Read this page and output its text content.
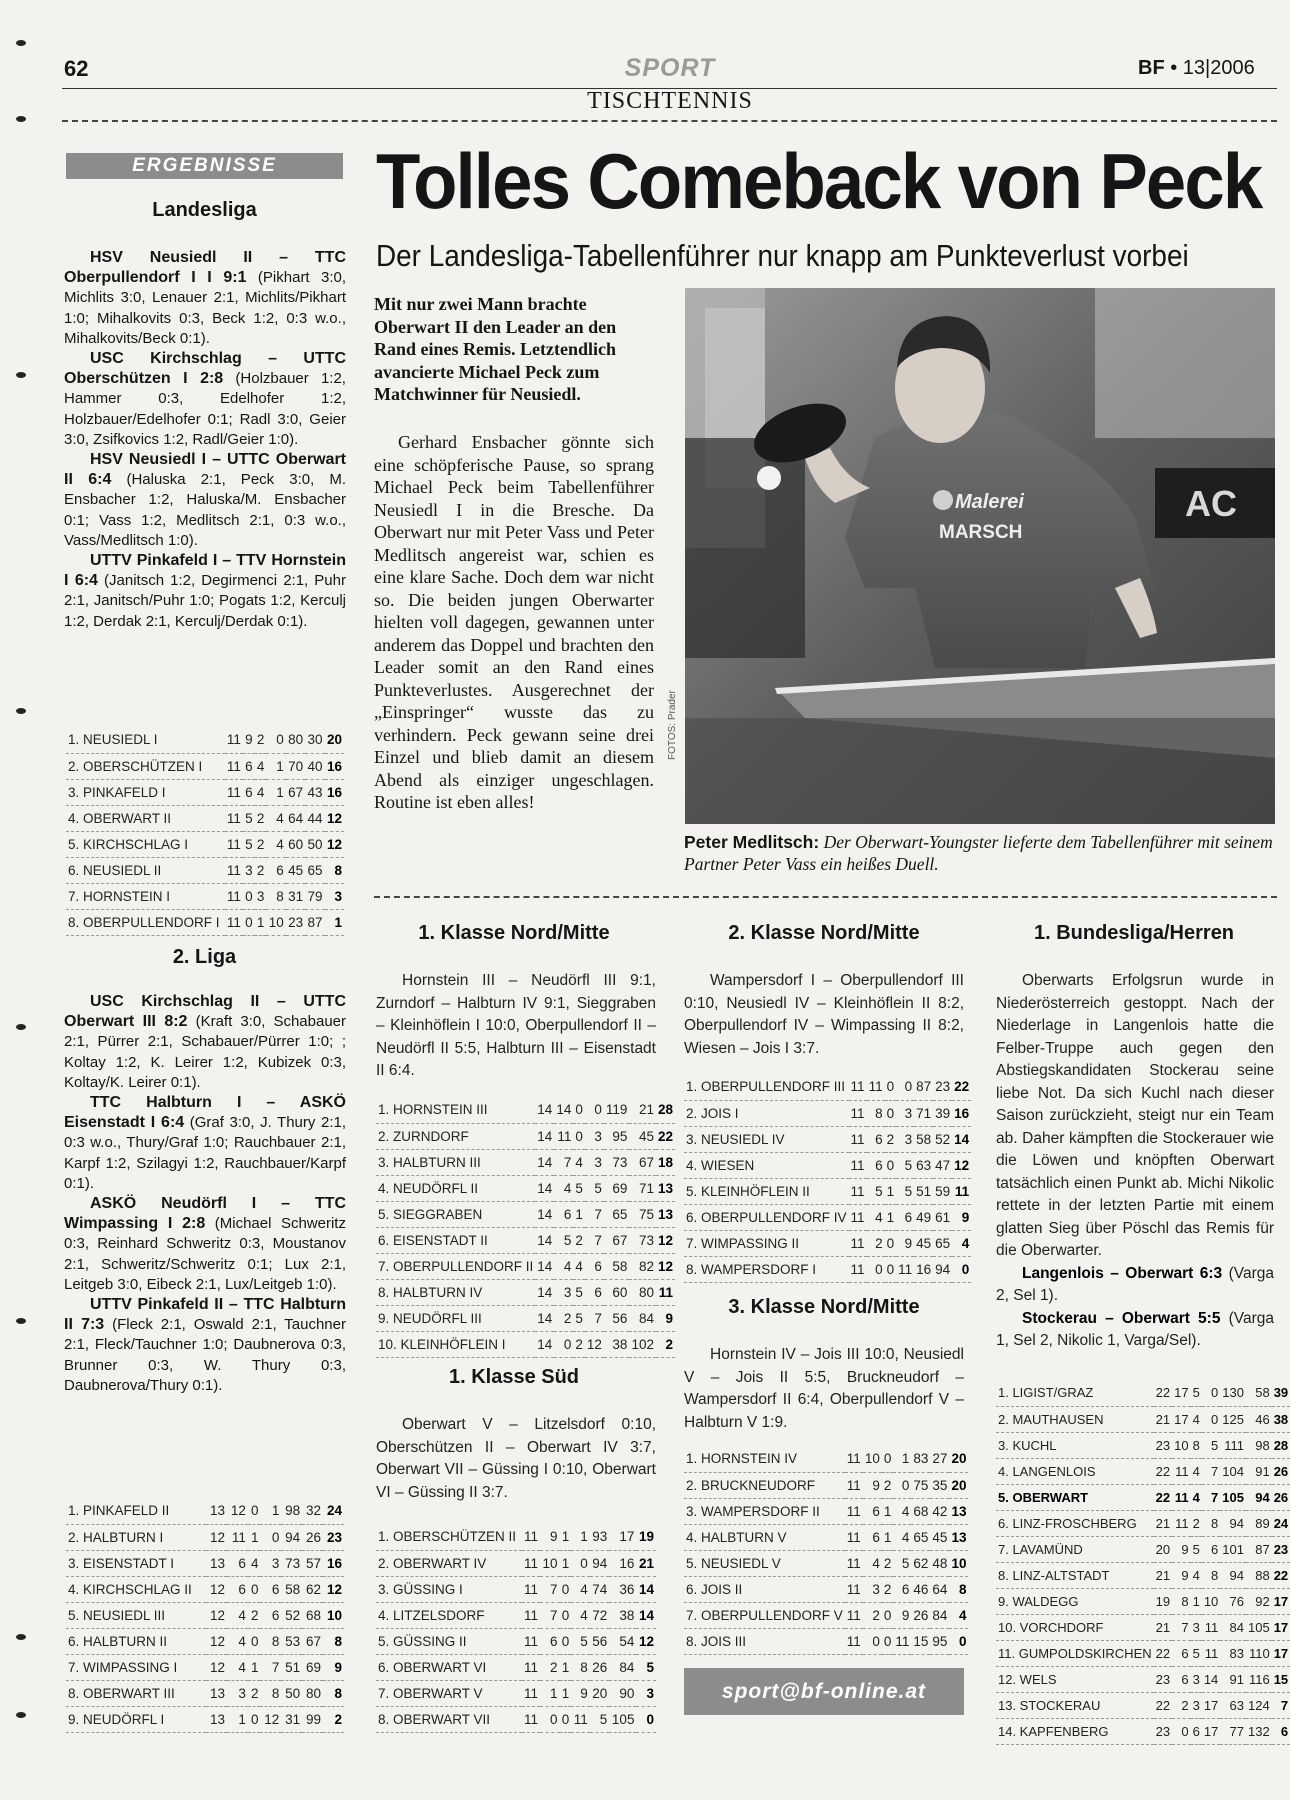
62	SPORT	BF • 13|2006
TISCHTENNIS
ERGEBNISSE
Landesliga

HSV Neusiedl II – TTC Oberpullendorf I I 9:1 (Pikhart 3:0, Michlits 3:0, Lenauer 2:1, Michlits/Pikhart 1:0; Mihalkovits 0:3, Beck 1:2, 0:3 w.o., Mihalkovits/Beck 0:1).

USC Kirchschlag – UTTC Oberschützen I 2:8 (Holzbauer 1:2, Hammer 0:3, Edelhofer 1:2, Holzbauer/Edelhofer 0:1; Radl 3:0, Geier 3:0, Zsifkovics 1:2, Radl/Geier 1:0).

HSV Neusiedl I – UTTC Oberwart II 6:4 (Haluska 2:1, Peck 3:0, M. Ensbacher 1:2, Haluska/M. Ensbacher 0:1; Vass 1:2, Medlitsch 2:1, 0:3 w.o., Vass/Medlitsch 1:0).

UTTV Pinkafeld I – TTV Hornstein I 6:4 (Janitsch 1:2, Degirmenci 2:1, Puhr 2:1, Janitsch/Puhr 1:0; Pogats 1:2, Kerculj 1:2, Derdak 2:1, Kerculj/Derdak 0:1).

1. NEUSIEDL I	11	9	2	0	80	30	20
2. OBERSCHÜTZEN I	11	6	4	1	70	40	16
3. PINKAFELD I	11	6	4	1	67	43	16
4. OBERWART II	11	5	2	4	64	44	12
5. KIRCHSCHLAG I	11	5	2	4	60	50	12
6. NEUSIEDL II	11	3	2	6	45	65	8
7. HORNSTEIN I	11	0	3	8	31	79	3
8. OBERPULLENDORF I	11	0	1	10	23	87	1
2. Liga

USC Kirchschlag II – UTTC Oberwart III 8:2 (Kraft 3:0, Schabauer 2:1, Pürrer 2:1, Schabauer/Pürrer 1:0; ; Koltay 1:2, K. Leirer 1:2, Kubizek 0:3, Koltay/K. Leirer 0:1).

TTC Halbturn I – ASKÖ Eisenstadt I 6:4 (Graf 3:0, J. Thury 2:1, 0:3 w.o., Thury/Graf 1:0; Rauchbauer 2:1, Karpf 1:2, Szilagyi 1:2, Rauchbauer/Karpf 0:1).

ASKÖ Neudörfl I – TTC Wimpassing I 2:8 (Michael Schweritz 0:3, Reinhard Schweritz 0:3, Moustanov 2:1, Schweritz/Schweritz 0:1; Lux 2:1, Leitgeb 3:0, Eibeck 2:1, Lux/Leitgeb 1:0).

UTTV Pinkafeld II – TTC Halbturn II 7:3 (Fleck 2:1, Oswald 2:1, Tauchner 2:1, Fleck/Tauchner 1:0; Daubnerova 0:3, Brunner 0:3, W. Thury 0:3, Daubnerova/Thury 0:1).

1. PINKAFELD II	13	12	0	1	98	32	24
2. HALBTURN I	12	11	1	0	94	26	23
3. EISENSTADT I	13	6	4	3	73	57	16
4. KIRCHSCHLAG II	12	6	0	6	58	62	12
5. NEUSIEDL III	12	4	2	6	52	68	10
6. HALBTURN II	12	4	0	8	53	67	8
7. WIMPASSING I	12	4	1	7	51	69	9
8. OBERWART III	13	3	2	8	50	80	8
9. NEUDÖRFL I	13	1	0	12	31	99	2
Tolles Comeback von Peck
Der Landesliga-Tabellenführer nur knapp am Punkteverlust vorbei
Mit nur zwei Mann brachte Oberwart II den Leader an den Rand eines Remis. Letztendlich avancierte Michael Peck zum Matchwinner für Neusiedl.

Gerhard Ensbacher gönnte sich eine schöpferische Pause, so sprang Michael Peck beim Tabellenführer Neusiedl I in die Bresche. Da Oberwart nur mit Peter Vass und Peter Medlitsch angereist war, schien es eine klare Sache. Doch dem war nicht so. Die beiden jungen Oberwarter hielten voll dagegen, gewannen unter anderem das Doppel und brachten den Leader somit an den Rand eines Punkteverlustes. Ausgerechnet der „Einspringer“ wusste das zu verhindern. Peck gewann seine drei Einzel und blieb damit an diesem Abend als einziger ungeschlagen. Routine ist eben alles!

AC
Malerei
MARSCH
FOTOS: Prader
Peter Medlitsch: Der Oberwart-Youngster lieferte dem Tabellenführer mit seinem Partner Peter Vass ein heißes Duell.
1. Klasse Nord/Mitte

Hornstein III – Neudörfl III 9:1, Zurndorf – Halbturn IV 9:1, Sieggraben – Kleinhöflein I 10:0, Oberpullendorf II – Neudörfl II 5:5, Halbturn III – Eisenstadt II 6:4.

1. HORNSTEIN III	14	14	0	0	119	21	28
2. ZURNDORF	14	11	0	3	95	45	22
3. HALBTURN III	14	7	4	3	73	67	18
4. NEUDÖRFL II	14	4	5	5	69	71	13
5. SIEGGRABEN	14	6	1	7	65	75	13
6. EISENSTADT II	14	5	2	7	67	73	12
7. OBERPULLENDORF II	14	4	4	6	58	82	12
8. HALBTURN IV	14	3	5	6	60	80	11
9. NEUDÖRFL III	14	2	5	7	56	84	9
10. KLEINHÖFLEIN I	14	0	2	12	38	102	2
1. Klasse Süd

Oberwart V – Litzelsdorf 0:10, Oberschützen II – Oberwart IV 3:7, Oberwart VII – Güssing I 0:10, Oberwart VI – Güssing II 3:7.

1. OBERSCHÜTZEN II	11	9	1	1	93	17	19
2. OBERWART IV	11	10	1	0	94	16	21
3. GÜSSING I	11	7	0	4	74	36	14
4. LITZELSDORF	11	7	0	4	72	38	14
5. GÜSSING II	11	6	0	5	56	54	12
6. OBERWART VI	11	2	1	8	26	84	5
7. OBERWART V	11	1	1	9	20	90	3
8. OBERWART VII	11	0	0	11	5	105	0
2. Klasse Nord/Mitte

Wampersdorf I – Oberpullendorf III 0:10, Neusiedl IV – Kleinhöflein II 8:2, Oberpullendorf IV – Wimpassing II 8:2, Wiesen – Jois I 3:7.

1. OBERPULLENDORF III	11	11	0	0	87	23	22
2. JOIS I	11	8	0	3	71	39	16
3. NEUSIEDL IV	11	6	2	3	58	52	14
4. WIESEN	11	6	0	5	63	47	12
5. KLEINHÖFLEIN II	11	5	1	5	51	59	11
6. OBERPULLENDORF IV	11	4	1	6	49	61	9
7. WIMPASSING II	11	2	0	9	45	65	4
8. WAMPERSDORF I	11	0	0	11	16	94	0
3. Klasse Nord/Mitte

Hornstein IV – Jois III 10:0, Neusiedl V – Jois II 5:5, Bruckneudorf – Wampersdorf II 6:4, Oberpullendorf V – Halbturn V 1:9.

1. HORNSTEIN IV	11	10	0	1	83	27	20
2. BRUCKNEUDORF	11	9	2	0	75	35	20
3. WAMPERSDORF II	11	6	1	4	68	42	13
4. HALBTURN V	11	6	1	4	65	45	13
5. NEUSIEDL V	11	4	2	5	62	48	10
6. JOIS II	11	3	2	6	46	64	8
7. OBERPULLENDORF V	11	2	0	9	26	84	4
8. JOIS III	11	0	0	11	15	95	0
sport@bf-online.at
1. Bundesliga/Herren

Oberwarts Erfolgsrun wurde in Niederösterreich gestoppt. Nach der Niederlage in Langenlois hatte die Felber-Truppe auch gegen den Abstiegskandidaten Stockerau seine liebe Not. Da sich Kuchl nach dieser Saison zurückzieht, steigt nur ein Team ab. Daher kämpften die Stockerauer wie die Löwen und knöpften Oberwart tatsächlich einen Punkt ab. Michi Nikolic rettete in der letzten Partie mit einem glatten Sieg über Pöschl das Remis für die Oberwarter.

Langenlois – Oberwart 6:3 (Varga 2, Sel 1).

Stockerau – Oberwart 5:5 (Varga 1, Sel 2, Nikolic 1, Varga/Sel).

1. LIGIST/GRAZ	22	17	5	0	130	58	39
2. MAUTHAUSEN	21	17	4	0	125	46	38
3. KUCHL	23	10	8	5	111	98	28
4. LANGENLOIS	22	11	4	7	104	91	26
5. OBERWART	22	11	4	7	105	94	26
6. LINZ-FROSCHBERG	21	11	2	8	94	89	24
7. LAVAMÜND	20	9	5	6	101	87	23
8. LINZ-ALTSTADT	21	9	4	8	94	88	22
9. WALDEGG	19	8	1	10	76	92	17
10. VORCHDORF	21	7	3	11	84	105	17
11. GUMPOLDSKIRCHEN	22	6	5	11	83	110	17
12. WELS	23	6	3	14	91	116	15
13. STOCKERAU	22	2	3	17	63	124	7
14. KAPFENBERG	23	0	6	17	77	132	6
